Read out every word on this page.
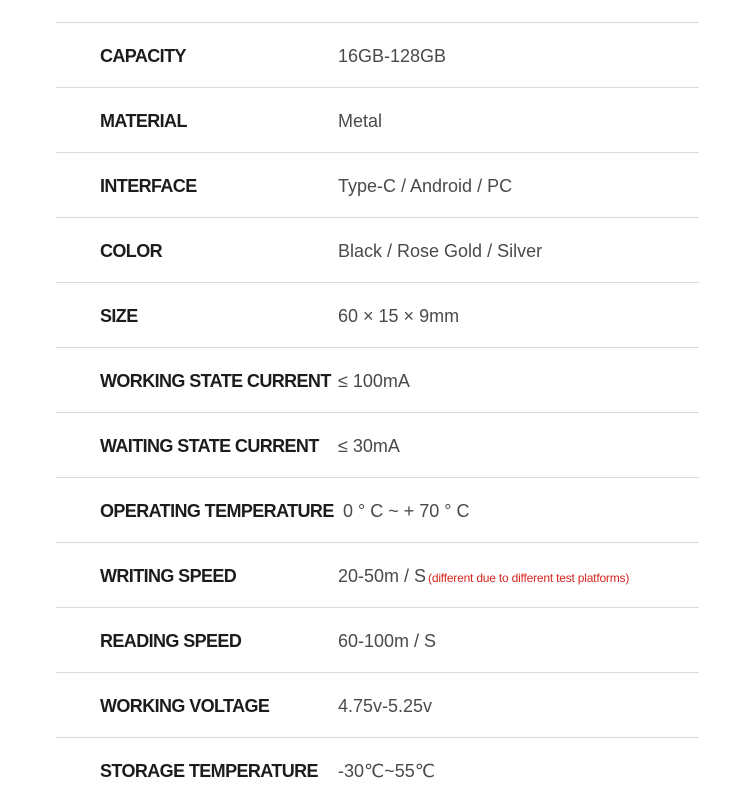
CAPACITY	16GB-128GB
MATERIAL	Metal
INTERFACE	Type-C / Android / PC
COLOR	Black / Rose Gold / Silver
SIZE	60 × 15 × 9mm
WORKING STATE CURRENT ≤ 100mA
WAITING STATE CURRENT ≤ 30mA
OPERATING TEMPERATURE 0 ° C ~ + 70 ° C
WRITING SPEED	20-50m / S (different due to different test platforms)
READING SPEED	60-100m / S
WORKING VOLTAGE	4.75v-5.25v
STORAGE TEMPERATURE -30℃~55℃
